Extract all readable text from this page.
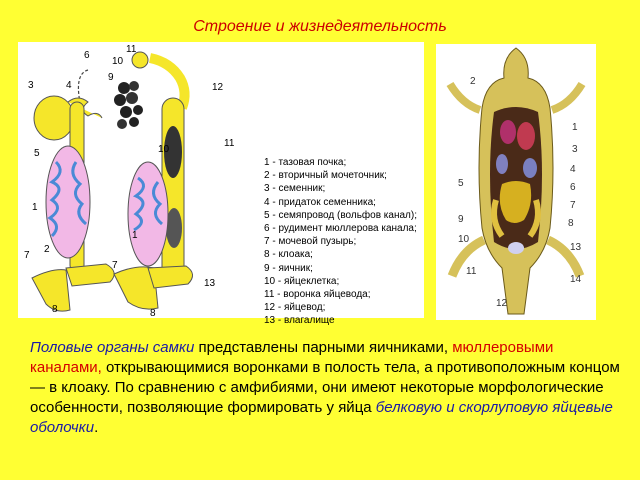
Строение и жизнедеятельность
6
3	4
5
1
2
7
8
11
10
9
12
10
11
1
7
13
8
1 - тазовая почка;
2 - вторичный мочеточник;
3 - семенник;
4 - придаток семенника;
5 - семяпровод (вольфов канал);
6 - рудимент мюллерова канала;
7 - мочевой пузырь;
8 - клоака;
9 - яичник;
10 - яйцеклетка;
11 - воронка яйцевода;
12 - яйцевод;
13 - влагалище
2
1
3
4
5	6
7
9	8
10
13
11
14
12
Половые органы самки представлены парными яичниками, мюллеровыми каналами, открывающимися воронками в полость тела, а противоположным концом — в клоаку. По сравнению с амфибиями, они имеют некоторые морфологические особенности, позволяющие формировать у яйца белковую и скорлуповую яйцевые оболочки.
